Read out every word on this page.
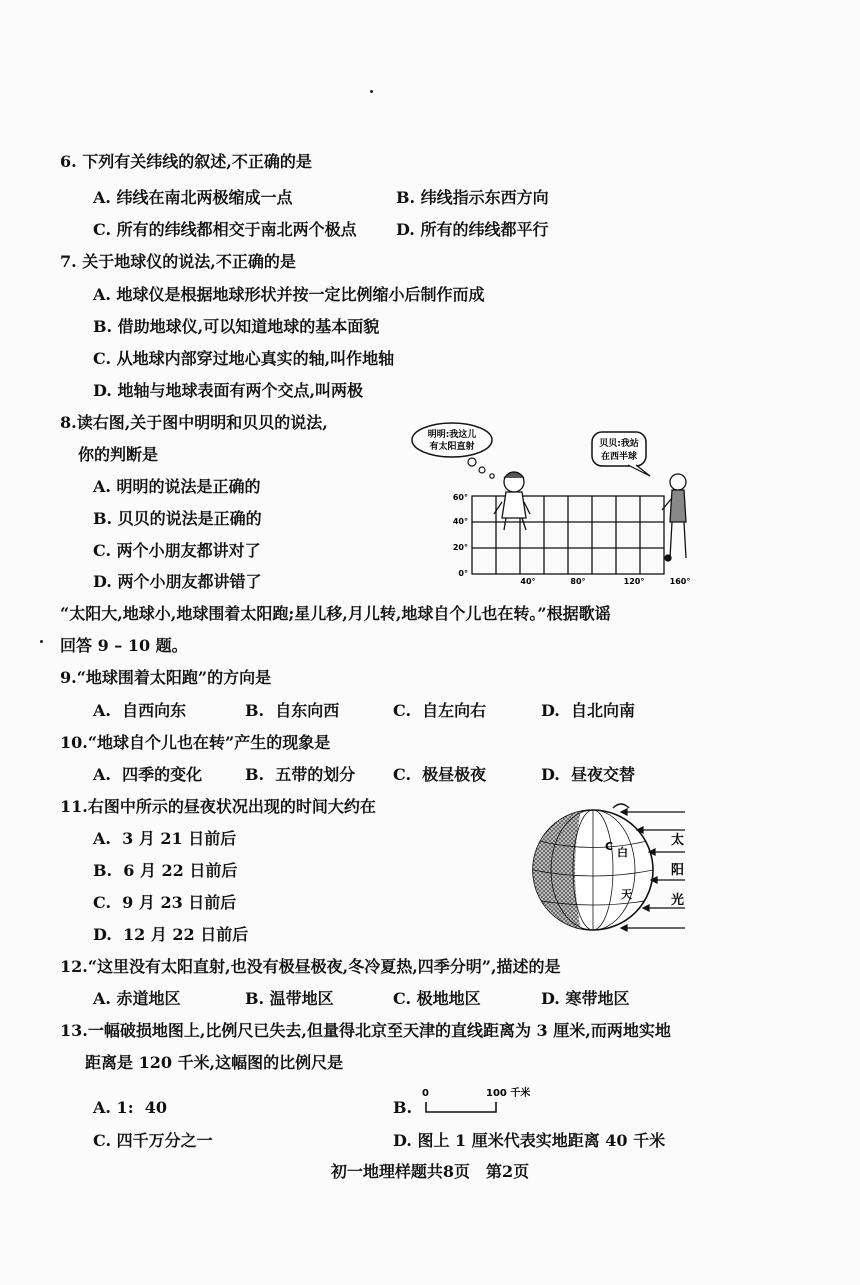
6. 下列有关纬线的叙述,不正确的是
A. 纬线在南北两极缩成一点	B. 纬线指示东西方向
C. 所有的纬线都相交于南北两个极点 D. 所有的纬线都平行
7. 关于地球仪的说法,不正确的是
A. 地球仪是根据地球形状并按一定比例缩小后制作而成
B. 借助地球仪,可以知道地球的基本面貌
C. 从地球内部穿过地心真实的轴,叫作地轴
D. 地轴与地球表面有两个交点,叫两极
8.读右图,关于图中明明和贝贝的说法,
你的判断是
A. 明明的说法是正确的
B. 贝贝的说法是正确的
C. 两个小朋友都讲对了
D. 两个小朋友都讲错了
明明:我这儿
有太阳直射	贝贝:我站
在西半球
60°
40°
20°
0°
40°	80°	120°	160°
“太阳大,地球小,地球围着太阳跑;星儿移,月儿转,地球自个儿也在转。”根据歌谣
回答 9 – 10 题。
9.“地球围着太阳跑”的方向是
A.  自西向东	B.  自东向西	C.  自左向右	D.  自北向南
10.“地球自个儿也在转”产生的现象是
A.  四季的变化	B.  五带的划分 C.  极昼极夜	D.  昼夜交替
11.右图中所示的昼夜状况出现的时间大约在
A.  3 月 21 日前后
B.  6 月 22 日前后
C.  9 月 23 日前后
D.  12 月 22 日前后
C 白
天
太
阳
光
12.“这里没有太阳直射,也没有极昼极夜,冬冷夏热,四季分明”,描述的是
A. 赤道地区	B. 温带地区	C. 极地地区	D. 寒带地区
13.一幅破损地图上,比例尺已失去,但量得北京至天津的直线距离为 3 厘米,而两地实地
距离是 120 千米,这幅图的比例尺是
A. 1:  40	B.
0	100 千米
C. 四千万分之一	D. 图上 1 厘米代表实地距离 40 千米
初一地理样题共8页　第2页
